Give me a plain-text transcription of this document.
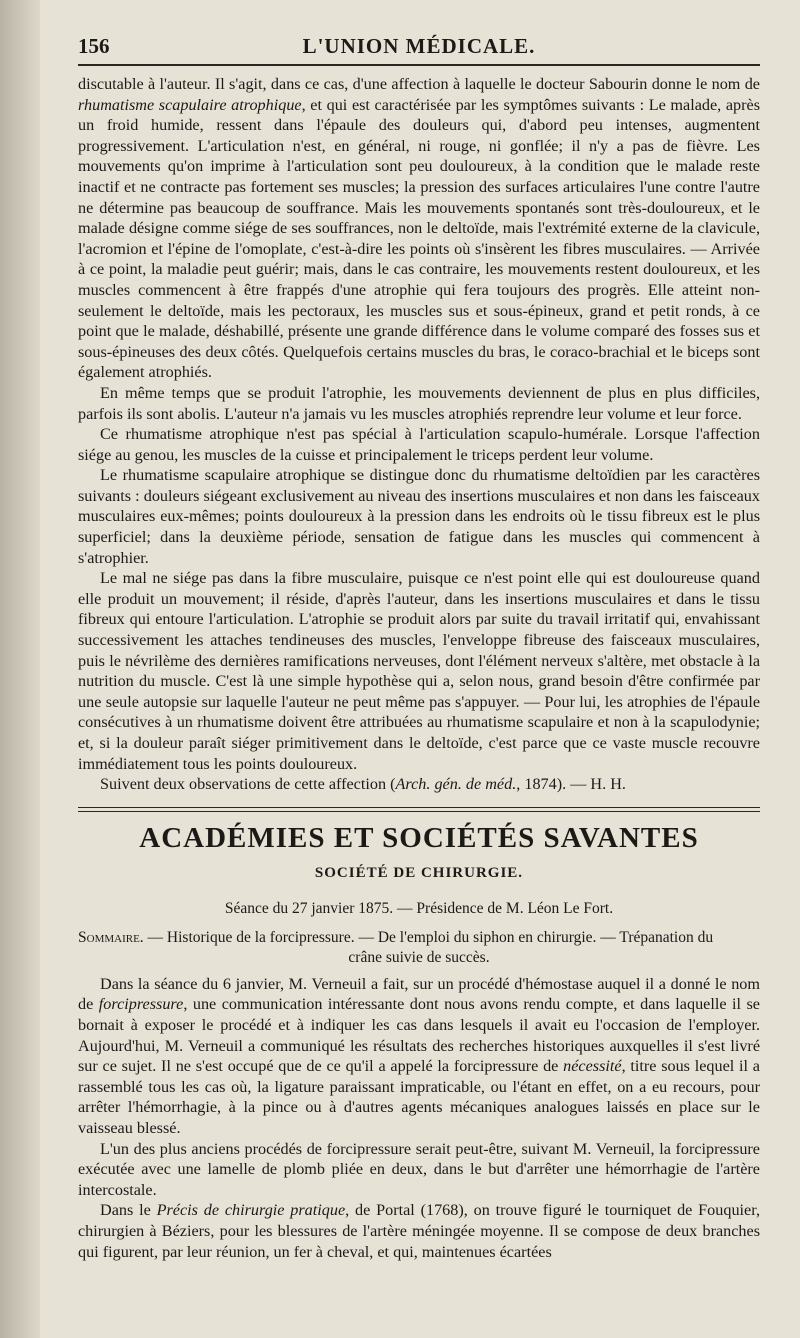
156	L'UNION MÉDICALE.

discutable à l'auteur. Il s'agit, dans ce cas, d'une affection à laquelle le docteur Sabourin donne le nom de rhumatisme scapulaire atrophique, et qui est caractérisée par les symptômes suivants : Le malade, après un froid humide, ressent dans l'épaule des douleurs qui, d'abord peu intenses, augmentent progressivement. L'articulation n'est, en général, ni rouge, ni gonflée; il n'y a pas de fièvre. Les mouvements qu'on imprime à l'articulation sont peu douloureux, à la condition que le malade reste inactif et ne contracte pas fortement ses muscles; la pression des surfaces articulaires l'une contre l'autre ne détermine pas beaucoup de souffrance. Mais les mouvements spontanés sont très-douloureux, et le malade désigne comme siége de ses souffrances, non le deltoïde, mais l'extrémité externe de la clavicule, l'acromion et l'épine de l'omoplate, c'est-à-dire les points où s'insèrent les fibres musculaires. — Arrivée à ce point, la maladie peut guérir; mais, dans le cas contraire, les mouvements restent douloureux, et les muscles commencent à être frappés d'une atrophie qui fera toujours des progrès. Elle atteint non-seulement le deltoïde, mais les pectoraux, les muscles sus et sous-épineux, grand et petit ronds, à ce point que le malade, déshabillé, présente une grande différence dans le volume comparé des fosses sus et sous-épineuses des deux côtés. Quelquefois certains muscles du bras, le coraco-brachial et le biceps sont également atrophiés.

En même temps que se produit l'atrophie, les mouvements deviennent de plus en plus difficiles, parfois ils sont abolis. L'auteur n'a jamais vu les muscles atrophiés reprendre leur volume et leur force.

Ce rhumatisme atrophique n'est pas spécial à l'articulation scapulo-humérale. Lorsque l'affection siége au genou, les muscles de la cuisse et principalement le triceps perdent leur volume.

Le rhumatisme scapulaire atrophique se distingue donc du rhumatisme deltoïdien par les caractères suivants : douleurs siégeant exclusivement au niveau des insertions musculaires et non dans les faisceaux musculaires eux-mêmes; points douloureux à la pression dans les endroits où le tissu fibreux est le plus superficiel; dans la deuxième période, sensation de fatigue dans les muscles qui commencent à s'atrophier.

Le mal ne siége pas dans la fibre musculaire, puisque ce n'est point elle qui est douloureuse quand elle produit un mouvement; il réside, d'après l'auteur, dans les insertions musculaires et dans le tissu fibreux qui entoure l'articulation. L'atrophie se produit alors par suite du travail irritatif qui, envahissant successivement les attaches tendineuses des muscles, l'enveloppe fibreuse des faisceaux musculaires, puis le névrilème des dernières ramifications nerveuses, dont l'élément nerveux s'altère, met obstacle à la nutrition du muscle. C'est là une simple hypothèse qui a, selon nous, grand besoin d'être confirmée par une seule autopsie sur laquelle l'auteur ne peut même pas s'appuyer. — Pour lui, les atrophies de l'épaule consécutives à un rhumatisme doivent être attribuées au rhumatisme scapulaire et non à la scapulodynie; et, si la douleur paraît siéger primitivement dans le deltoïde, c'est parce que ce vaste muscle recouvre immédiatement tous les points douloureux.

Suivent deux observations de cette affection (Arch. gén. de méd., 1874). — H. H.

ACADÉMIES ET SOCIÉTÉS SAVANTES
SOCIÉTÉ DE CHIRURGIE.
Séance du 27 janvier 1875. — Présidence de M. Léon Le Fort.

Sommaire. — Historique de la forcipressure. — De l'emploi du siphon en chirurgie. — Trépanation du

crâne suivie de succès.

Dans la séance du 6 janvier, M. Verneuil a fait, sur un procédé d'hémostase auquel il a donné le nom de forcipressure, une communication intéressante dont nous avons rendu compte, et dans laquelle il se bornait à exposer le procédé et à indiquer les cas dans lesquels il avait eu l'occasion de l'employer. Aujourd'hui, M. Verneuil a communiqué les résultats des recherches historiques auxquelles il s'est livré sur ce sujet. Il ne s'est occupé que de ce qu'il a appelé la forcipressure de nécessité, titre sous lequel il a rassemblé tous les cas où, la ligature paraissant impraticable, ou l'étant en effet, on a eu recours, pour arrêter l'hémorrhagie, à la pince ou à d'autres agents mécaniques analogues laissés en place sur le vaisseau blessé.

L'un des plus anciens procédés de forcipressure serait peut-être, suivant M. Verneuil, la forcipressure exécutée avec une lamelle de plomb pliée en deux, dans le but d'arrêter une hémorrhagie de l'artère intercostale.

Dans le Précis de chirurgie pratique, de Portal (1768), on trouve figuré le tourniquet de Fouquier, chirurgien à Béziers, pour les blessures de l'artère méningée moyenne. Il se compose de deux branches qui figurent, par leur réunion, un fer à cheval, et qui, maintenues écartées
